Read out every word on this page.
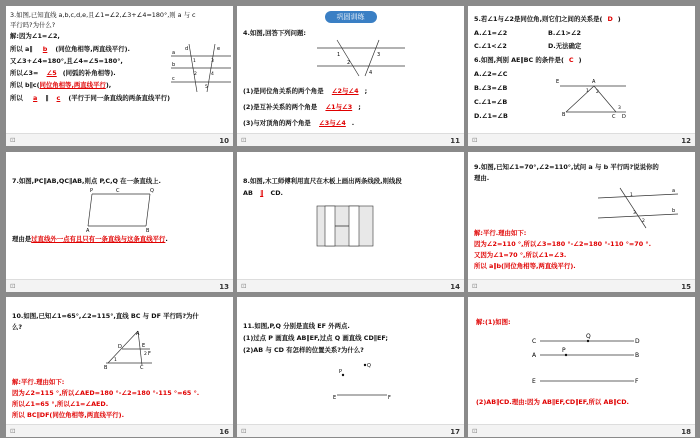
3.如图,已知直线 a,b,c,d,e,且∠1=∠2,∠3+∠4=180°,则 a 与 c
平行吗?为什么?
解:因为∠1=∠2,
所以 a∥ b (同位角相等,两直线平行).
又∠3+∠4=180°,且∠4=∠5=180°,
所以∠3= ∠5 (同弧的补角相等).
所以 b∥c(同位角相等,两直线平行),
所以 a ∥ c (平行于同一条直线的两条直线平行)
a
b
c
d	e
1
2
3
4
5
⊡	10
巩固训练
4.如图,回答下列问题:
1
2
3
4
(1)是同位角关系的两个角是 ∠2与∠4 ;
(2)是互补关系的两个角是 ∠1与∠3 ;
(3)与对顶角的两个角是 ∠3与∠4 .
⊡	11
5.若∠1与∠2是同位角,则它们之间的关系是( D )
A.∠1=∠2	B.∠1>∠2
C.∠1<∠2	D.无法确定
6.如图,判别 AE∥BC 的条件是( C )
A.∠2=∠C
B.∠3=∠B
C.∠1=∠B
D.∠1=∠B
A
B	C D
E
1 2
3
⊡	12
7.如图,PC∥AB,QC∥AB,则点 P,C,Q 在一条直线上.
P	C	Q
A	B
理由是过直线外一点有且只有一条直线与这条直线平行.
⊡	13
8.如图,木工师傅利用直尺在木板上画出两条线段,则线段
AB ∥ CD.
⊡	14
9.如图,已知∠1=70°,∠2=110°,试问 a 与 b 平行吗?说说你的
理由.
a
b
1
2
3
解:平行.理由如下:
因为∠2=110 °,所以∠3=180 °-∠2=180 °-110 °=70 °.
又因为∠1=70 °,所以∠1=∠3.
所以 a∥b(同位角相等,两直线平行).
⊡	15
10.如图,已知∠1=65°,∠2=115°,直线 BC 与 DF 平行吗?为什
么?
A
B	C
D	E
F
1
2
解:平行.理由如下:
因为∠2=115 °,所以∠AED=180 °-∠2=180 °-115 °=65 °.
所以∠1=65 °,所以∠1=∠AED.
所以 BC∥DF(同位角相等,两直线平行).
⊡	16
11.如图,P,Q 分别是直线 EF 外两点.
(1)过点 P 画直线 AB∥EF,过点 Q 画直线 CD∥EF;
(2)AB 与 CD 有怎样的位置关系?为什么?
P
Q
E	F
⊡	17
解:(1)如图:
Q
C	D
P
A	B
E	F
(2)AB∥CD.理由:因为 AB∥EF,CD∥EF,所以 AB∥CD.
⊡	18
